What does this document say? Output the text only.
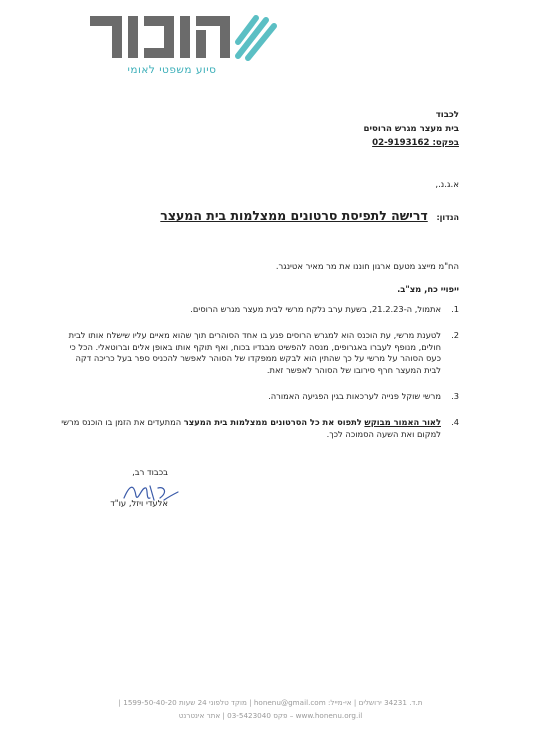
סיוע משפטי לאומי
לכבוד
בית מעצר מגרש הרוסים
בפקס: 02-9193162
א.ג.נ.,
הנדון: דרישה לתפיסת סרטונים ממצלמות בית המעצר
הח"מ מייצג מטעם ארגון חוננו את מר מאיר אטינגר.
ייפויי כח, מצ"ב.
1.
אתמול, ה-21.2.23, בשעת ערב נלקח מרשי לבית מעצר מגרש הרוסים.
2.
לטענת מרשי, עת הוכנס הוא למגרש הרוסים פגע בו אחד הסוהרים תוך שהוא מאיים עליו שישלח אותו לבית חולים, מנופף לעברו באגרופים, מנסה להפשיט מבגדיו בכוח, ואף תוקף אותו באופן אלים וברוטאלי. הכל כי כעס הסוהר על מרשי על כך שהתין הוא לבקש ממפקדו של הסוהר לאפשר להכניס ספר בעל כריכה דקה לבית המעצר חרף סירובו של הסוהר לאפשר זאת.
3.
מרשי שוקל פנייה לערכאות בגין הפגיעה האמורה.
4.
לאור האמור מבוקש לתפוס את כל הסרטונים ממצלמות בית המעצר המתעדים את הזמן בו הוכנס מרשי למקום ואת השעה הסמוכה לכך.
בכבוד רב,
אלעדי ויזל, עו"ד
ת.ד. 34231 ירושלים | אי-מייל: honenu@gmail.com | מוקד טלפוני 24 שעות 1599-50-40-20 |
www.honenu.org.il – פקס 03-5423040 | אתר אינטרנט
